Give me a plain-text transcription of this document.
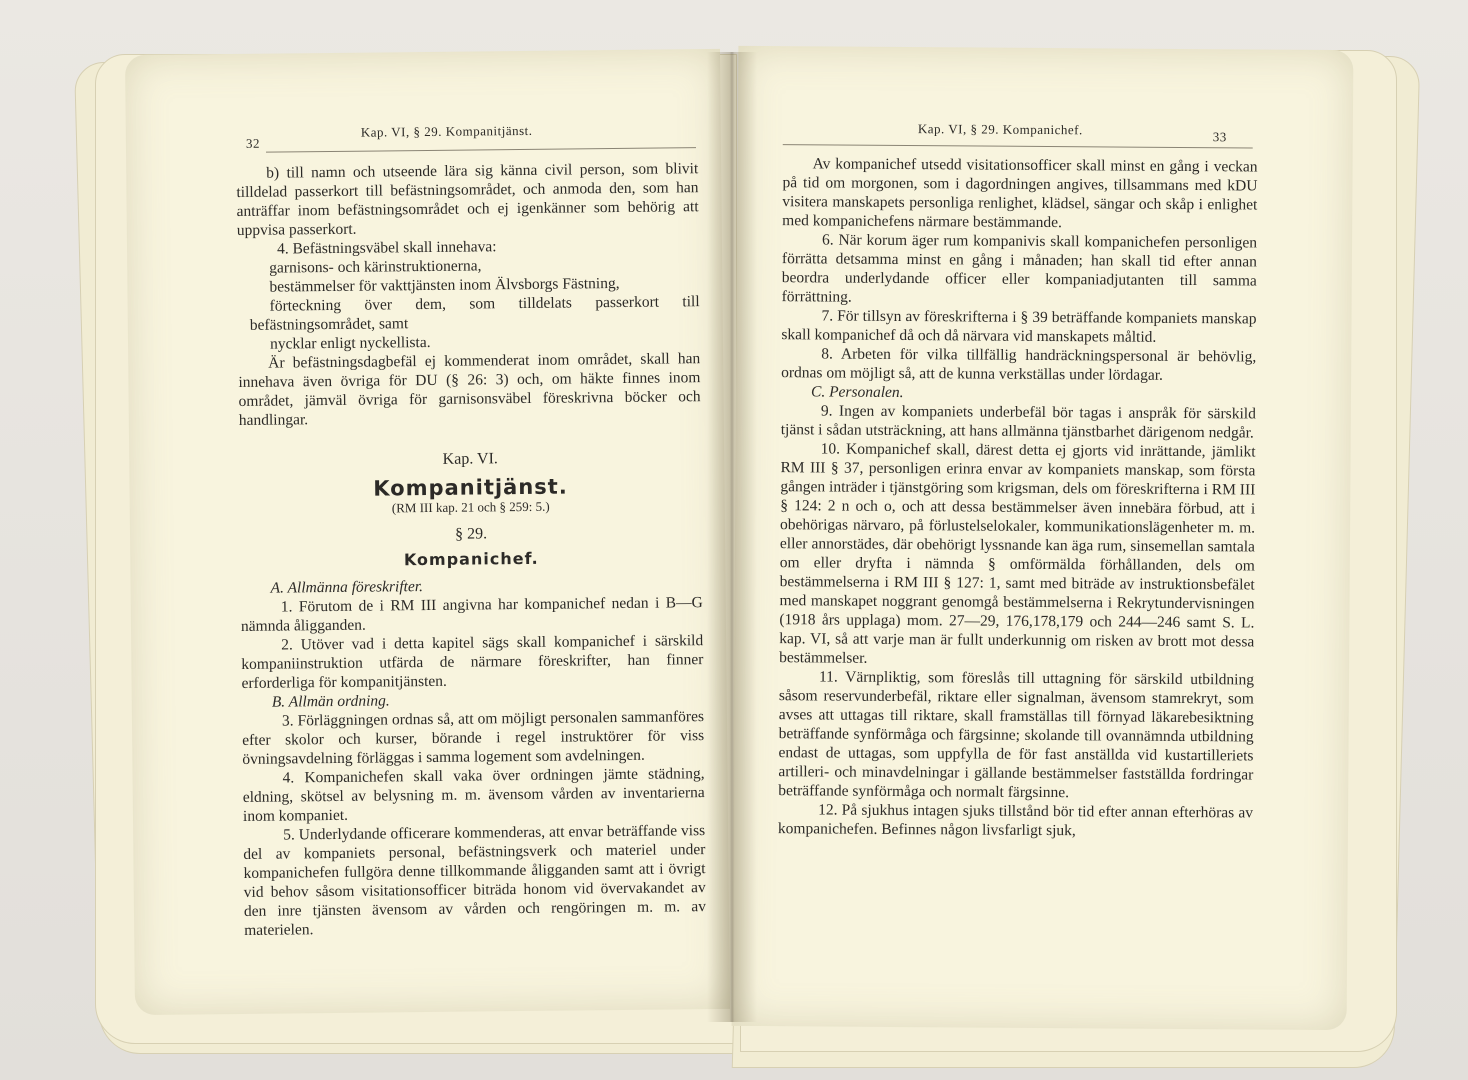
32
Kap. VI, § 29. Kompanitjänst.

b) till namn och utseende lära sig känna civil person, som blivit tilldelad passerkort till befästningsområdet, och anmoda den, som han anträffar inom befästningsområdet och ej igenkänner som behörig att uppvisa passerkort.

4. Befästningsväbel skall innehava:

garnisons- och kärinstruktionerna,

bestämmelser för vakttjänsten inom Älvsborgs Fästning,

förteckning över dem, som tilldelats passerkort till befästningsområdet, samt

nycklar enligt nyckellista.

Är befästningsdagbefäl ej kommenderat inom området, skall han innehava även övriga för DU (§ 26: 3) och, om häkte finnes inom området, jämväl övriga för garnisonsväbel föreskrivna böcker och handlingar.

Kap. VI.

Kompanitjänst.

(RM III kap. 21 och § 259: 5.)

§ 29.

Kompanichef.

A. Allmänna föreskrifter.

1. Förutom de i RM III angivna har kompanichef nedan i B—G nämnda åligganden.

2. Utöver vad i detta kapitel sägs skall kompanichef i särskild kompaniinstruktion utfärda de närmare föreskrifter, han finner erforderliga för kompanitjänsten.

B. Allmän ordning.

3. Förläggningen ordnas så, att om möjligt personalen sammanföres efter skolor och kurser, börande i regel instruktörer för viss övningsavdelning förläggas i samma logement som avdelningen.

4. Kompanichefen skall vaka över ordningen jämte städning, eldning, skötsel av belysning m. m. ävensom vården av inventarierna inom kompaniet.

5. Underlydande officerare kommenderas, att envar beträffande viss del av kompaniets personal, befästningsverk och materiel under kompanichefen fullgöra denne tillkommande åligganden samt att i övrigt vid behov såsom visitationsofficer biträda honom vid övervakandet av den inre tjänsten ävensom av vården och rengöringen m. m. av materielen.

Kap. VI, § 29. Kompanichef.	33

Av kompanichef utsedd visitationsofficer skall minst en gång i veckan på tid om morgonen, som i dagordningen angives, tillsammans med kDU visitera manskapets personliga renlighet, klädsel, sängar och skåp i enlighet med kompanichefens närmare bestämmande.

6. När korum äger rum kompanivis skall kompanichefen personligen förrätta detsamma minst en gång i månaden; han skall tid efter annan beordra underlydande officer eller kompaniadjutanten till samma förrättning.

7. För tillsyn av föreskrifterna i § 39 beträffande kompaniets manskap skall kompanichef då och då närvara vid manskapets måltid.

8. Arbeten för vilka tillfällig handräckningspersonal är behövlig, ordnas om möjligt så, att de kunna verkställas under lördagar.

C. Personalen.

9. Ingen av kompaniets underbefäl bör tagas i anspråk för särskild tjänst i sådan utsträckning, att hans allmänna tjänstbarhet därigenom nedgår.

10. Kompanichef skall, därest detta ej gjorts vid inrättande, jämlikt RM III § 37, personligen erinra envar av kompaniets manskap, som första gången inträder i tjänstgöring som krigsman, dels om föreskrifterna i RM III § 124: 2 n och o, och att dessa bestämmelser även innebära förbud, att i obehörigas närvaro, på förlustelselokaler, kommunikationslägenheter m. m. eller annorstädes, där obehörigt lyssnande kan äga rum, sinsemellan samtala om eller dryfta i nämnda § omförmälda förhållanden, dels om bestämmelserna i RM III § 127: 1, samt med biträde av instruktionsbefälet med manskapet noggrant genomgå bestämmelserna i Rekrytundervisningen (1918 års upplaga) mom. 27—29, 176,178,179 och 244—246 samt S. L. kap. VI, så att varje man är fullt underkunnig om risken av brott mot dessa bestämmelser.

11. Värnpliktig, som föreslås till uttagning för särskild utbildning såsom reservunderbefäl, riktare eller signalman, ävensom stamrekryt, som avses att uttagas till riktare, skall framställas till förnyad läkarebesiktning beträffande synförmåga och färgsinne; skolande till ovannämnda utbildning endast de uttagas, som uppfylla de för fast anställda vid kustartilleriets artilleri- och minavdelningar i gällande bestämmelser fastställda fordringar beträffande synförmåga och normalt färgsinne.

12. På sjukhus intagen sjuks tillstånd bör tid efter annan efterhöras av kompanichefen. Befinnes någon livsfarligt sjuk,
